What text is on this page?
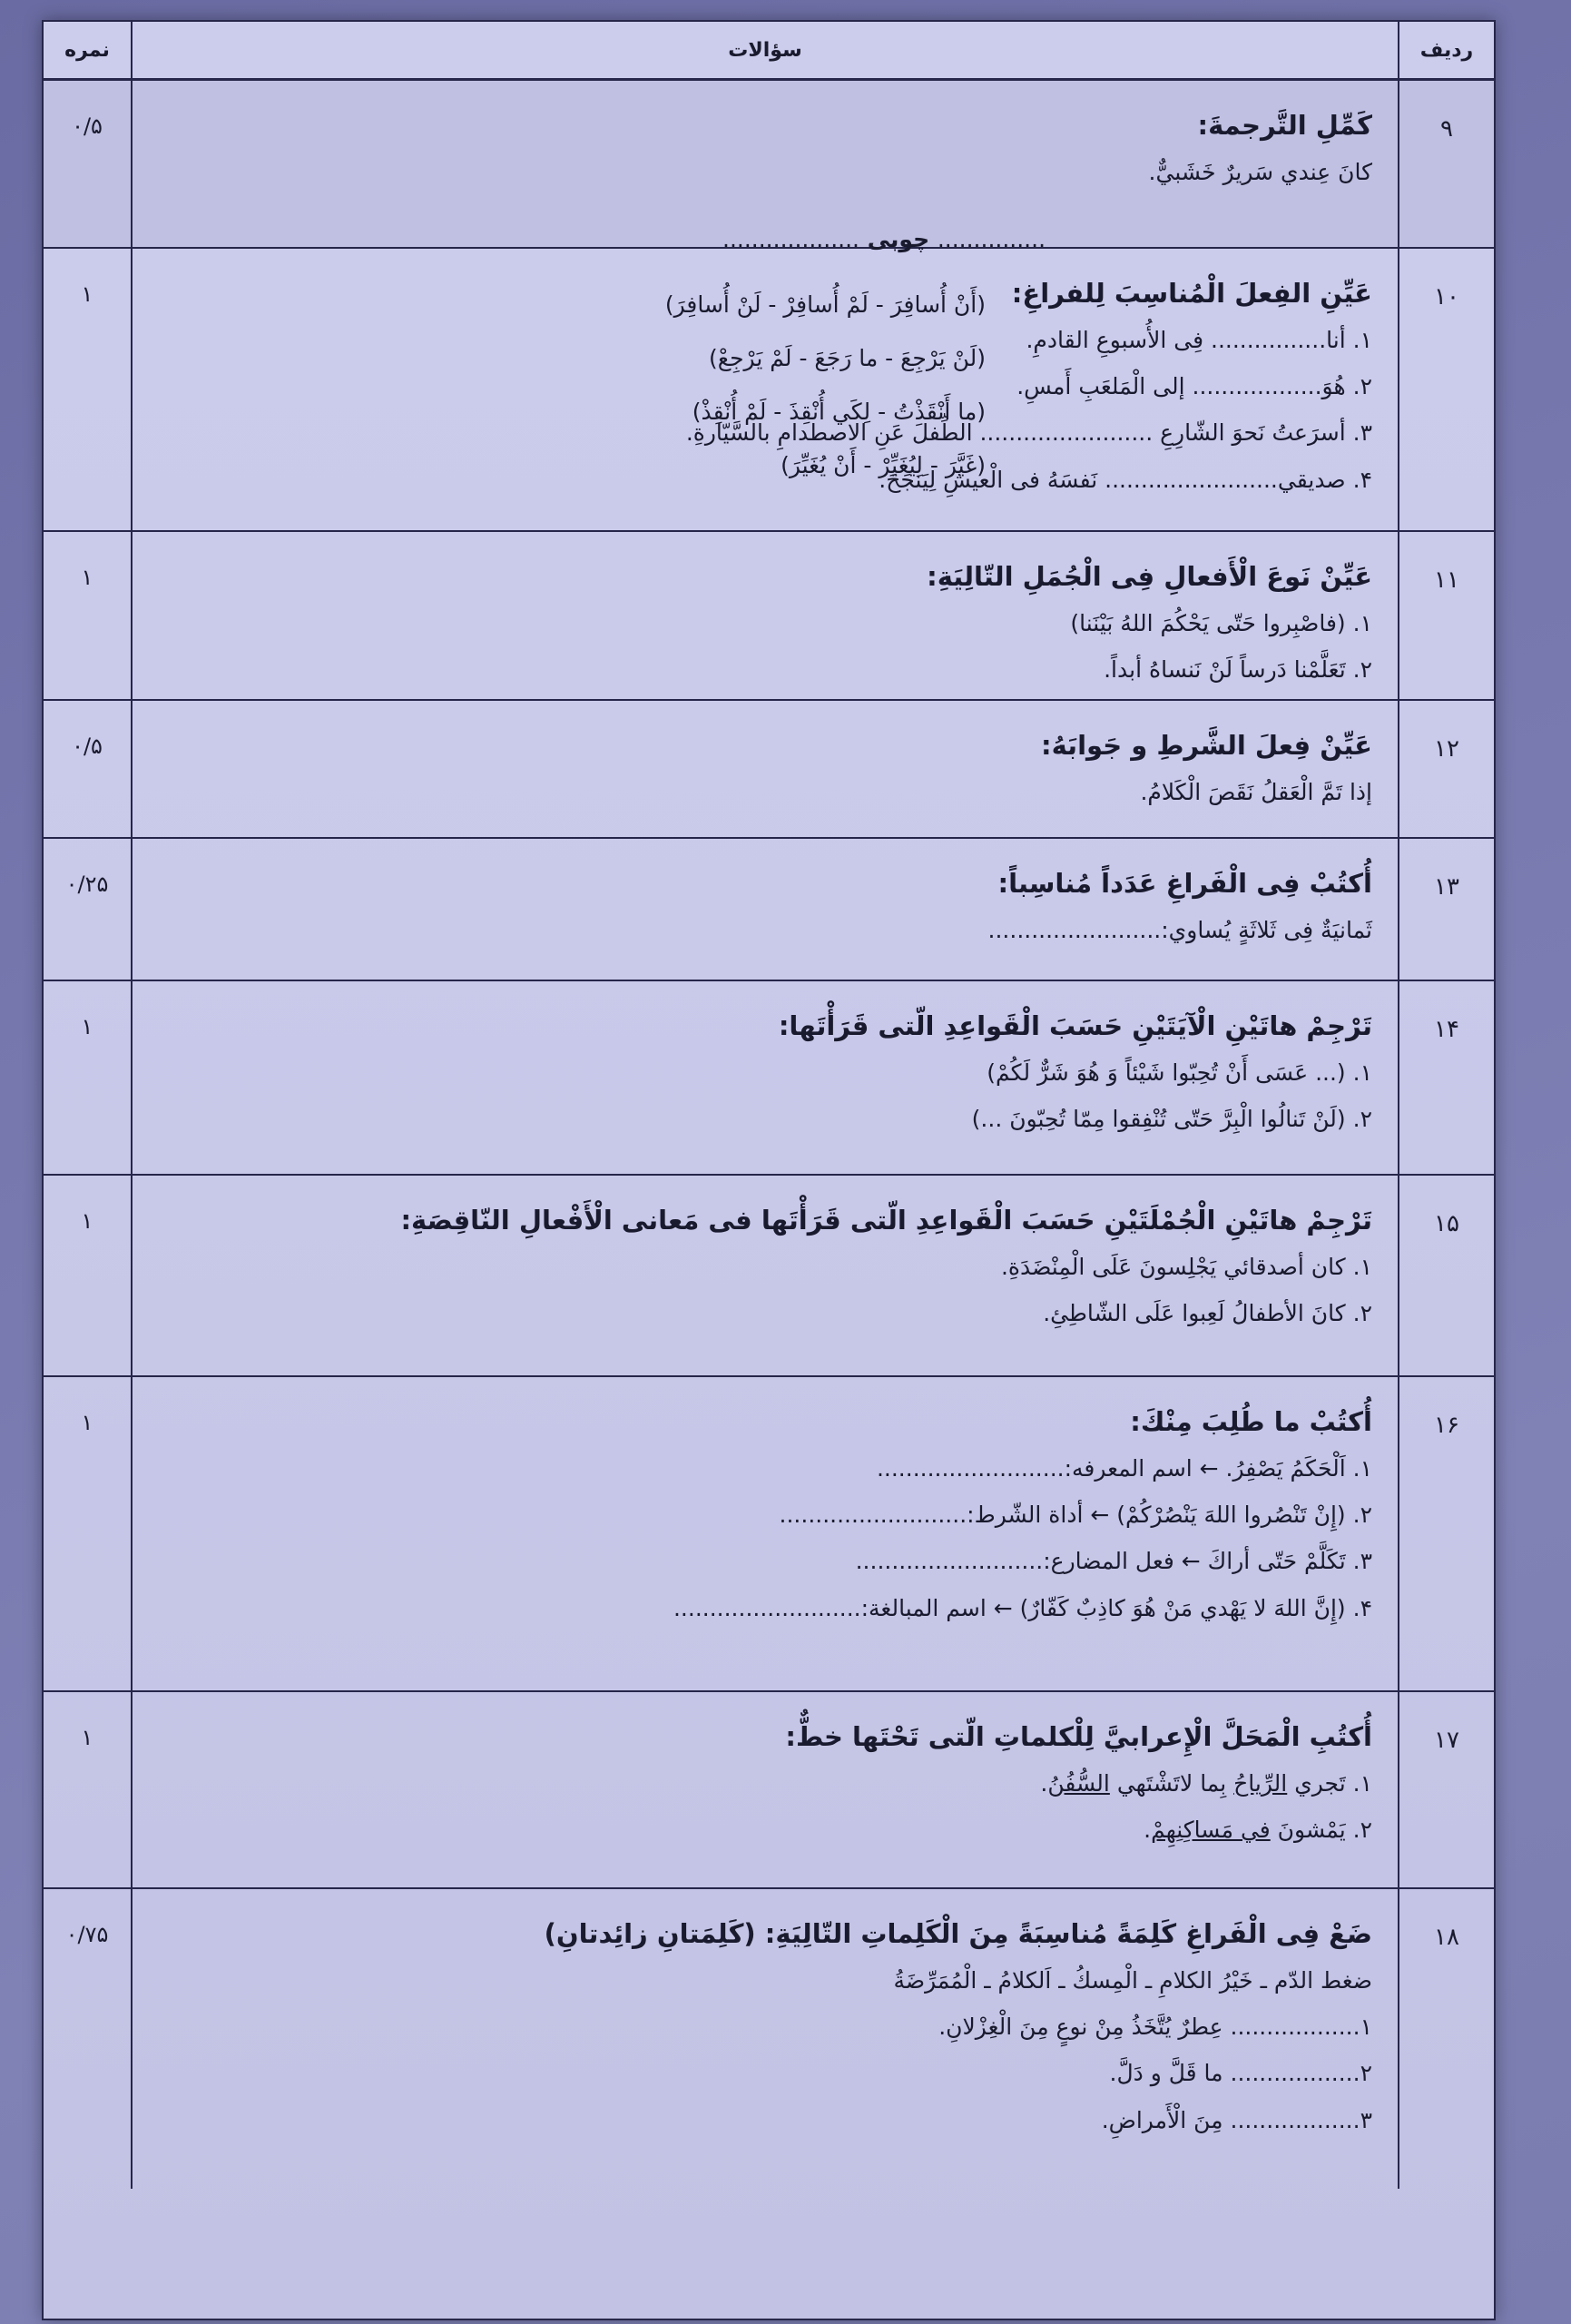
ردیف
سؤالات
نمره
۹
كَمِّلِ التَّرجمةَ:
كانَ عِندي سَريرٌ خَشَبيٌّ.
............... چوبی ...................
۰/۵
۱۰
عَيِّنِ الفِعلَ الْمُناسِبَ لِلفراغِ:
۱. أنا................ فِی الأُسبوعِ القادمِ.
۲. هُوَ.................. إلی الْمَلعَبِ أَمسِ.
۳. أسرَعتُ نَحوَ الشّارِعِ ........................ الطِّفلَ عَنِ الاصطدامِ بالسَّيّارةِ.
۴. صدیقي........................ نَفسَهُ فی الْعیشِ لِیَنجَحَ.
(أَنْ أُسافِرَ - لَمْ أُسافِرْ - لَنْ أُسافِرَ)
(لَنْ يَرْجِعَ - ما رَجَعَ - لَمْ يَرْجِعْ)
(ما أَنْقَذْتُ - لِكَي أُنْقِذَ - لَمْ أُنْقِذْ)
(غَيَّرَ - لِيُغَيِّرْ - أَنْ يُغَيِّرَ)
۱
۱۱
عَيِّنْ نَوعَ الْأَفعالِ فِی الْجُمَلِ التّالِيَةِ:
۱. (فاصْبِروا حَتّی يَحْكُمَ اللهُ بَيْنَنا)
۲. تَعَلَّمْنا دَرساً لَنْ نَنساهُ أبداً.
۱
۱۲
عَيِّنْ فِعلَ الشَّرطِ و جَوابَهُ:
إذا تَمَّ الْعَقلُ نَقَصَ الْكَلامُ.
۰/۵
۱۳
أُكتُبْ فِی الْفَراغِ عَدَداً مُناسِباً:
ثَمانيَةٌ فِی ثَلاثَةٍ يُساوي:........................
۰/۲۵
۱۴
تَرْجِمْ هاتَيْنِ الْآيَتَيْنِ حَسَبَ الْقَواعِدِ الّتی قَرَأْتَها:
۱. (... عَسَی أَنْ تُحِبّوا شَيْئاً وَ هُوَ شَرٌّ لَكُمْ)
۲. (لَنْ تَنالُوا الْبِرَّ حَتّی تُنْفِقوا مِمّا تُحِبّونَ ...)
۱
۱۵
تَرْجِمْ هاتَيْنِ الْجُمْلَتَيْنِ حَسَبَ الْقَواعِدِ الّتی قَرَأْتَها فی مَعانی الْأَفْعالِ النّاقِصَةِ:
۱. كان أصدقائي يَجْلِسونَ عَلَی الْمِنْضَدَةِ.
۲. كانَ الأطفالُ لَعِبوا عَلَی الشّاطِئِ.
۱
۱۶
أُكتُبْ ما طُلِبَ مِنْكَ:
۱. اَلْحَكَمُ يَصْفِرُ. ← اسم المعرفه:..........................
۲. (إِنْ تَنْصُروا اللهَ يَنْصُرْكُمْ) ← أداة الشّرط:..........................
۳. تَكَلَّمْ حَتّی أراكَ ← فعل المضارع:..........................
۴. (إِنَّ اللهَ لا يَهْدي مَنْ هُوَ كاذِبٌ كَفّارٌ) ← اسم المبالغة:..........................
۱
۱۷
أُكتُبِ الْمَحَلَّ الْإِعرابيَّ لِلْكلماتِ الّتی تَحْتَها خطٌّ:
۱. تَجري الرِّياحُ بِما لاتَشْتَهي السُّفُنُ.
۲. يَمْشونَ في مَساكِنِهِمْ.
۱
۱۸
ضَعْ فِی الْفَراغِ كَلِمَةً مُناسِبَةً مِنَ الْكَلِماتِ التّالِيَةِ: (كَلِمَتانِ زائِدتانِ)
ضغط الدّم ـ خَيْرُ الكلامِ ـ الْمِسكُ ـ اَلكلامُ ـ الْمُمَرِّضَةُ
۱.................. عِطرٌ يُتَّخَذُ مِنْ نوعٍ مِنَ الْغِزْلانِ.
۲.................. ما قَلَّ و دَلَّ.
۳.................. مِنَ الْأَمراضِ.
۰/۷۵
